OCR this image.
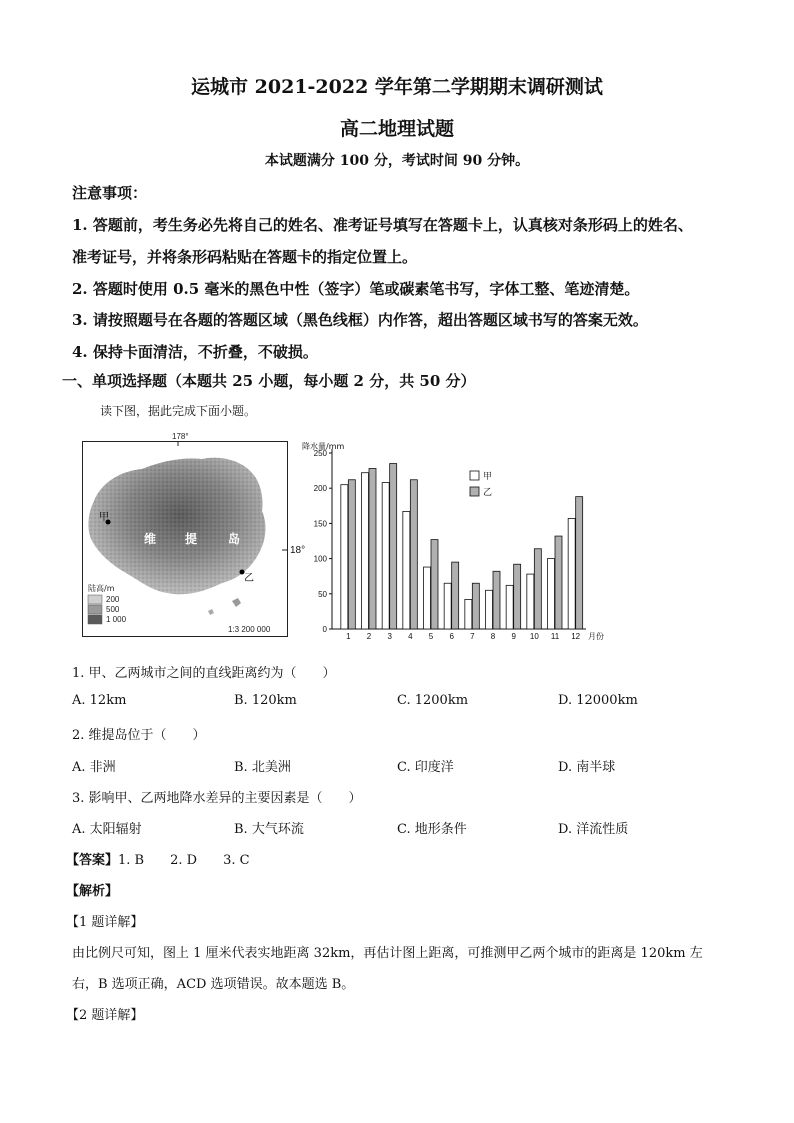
运城市 2021-2022 学年第二学期期末调研测试
高二地理试题
本试题满分 100 分，考试时间 90 分钟。
注意事项：
1. 答题前，考生务必先将自己的姓名、准考证号填写在答题卡上，认真核对条形码上的姓名、
准考证号，并将条形码粘贴在答题卡的指定位置上。
2. 答题时使用 0.5 毫米的黑色中性（签字）笔或碳素笔书写，字体工整、笔迹清楚。
3. 请按照题号在各题的答题区域（黑色线框）内作答，超出答题区域书写的答案无效。
4. 保持卡面清洁，不折叠，不破损。
一、单项选择题（本题共 25 小题，每小题 2 分，共 50 分）
读下图，据此完成下面小题。
178°
甲
乙
维 提	岛
陆高/m
200
500
1 000
1:3 200 000
18°
降水量/mm
0
50
100
150
200
250
1 2 3 4 5 6 7 8 9 10 11 12 月份
甲
乙
1. 甲、乙两城市之间的直线距离约为（　　）
A. 12km	B. 120km	C. 1200km	D. 12000km
2. 维提岛位于（　　）
A. 非洲	B. 北美洲	C. 印度洋	D. 南半球
3. 影响甲、乙两地降水差异的主要因素是（　　）
A. 太阳辐射	B. 大气环流	C. 地形条件	D. 洋流性质
【答案】1. B　　2. D　　3. C
【解析】
【1 题详解】
由比例尺可知，图上 1 厘米代表实地距离 32km，再估计图上距离，可推测甲乙两个城市的距离是 120km 左
右，B 选项正确，ACD 选项错误。故本题选 B。
【2 题详解】
